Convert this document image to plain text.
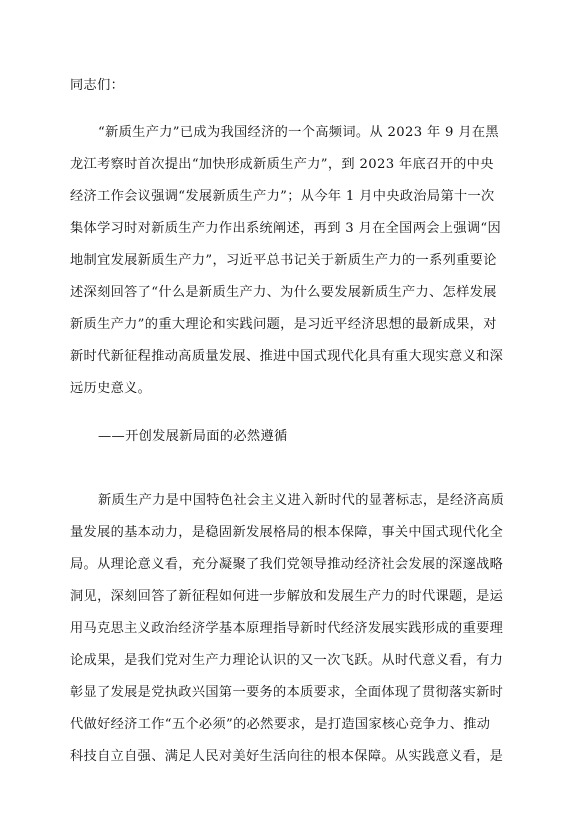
同志们：
“新质生产力”已成为我国经济的一个高频词。从 2023 年 9 月在黑
龙江考察时首次提出“加快形成新质生产力”，到 2023 年底召开的中央
经济工作会议强调“发展新质生产力”；从今年 1 月中央政治局第十一次
集体学习时对新质生产力作出系统阐述，再到 3 月在全国两会上强调“因
地制宜发展新质生产力”，习近平总书记关于新质生产力的一系列重要论
述深刻回答了“什么是新质生产力、为什么要发展新质生产力、怎样发展
新质生产力”的重大理论和实践问题，是习近平经济思想的最新成果，对
新时代新征程推动高质量发展、推进中国式现代化具有重大现实意义和深
远历史意义。
——开创发展新局面的必然遵循
新质生产力是中国特色社会主义进入新时代的显著标志，是经济高质
量发展的基本动力，是稳固新发展格局的根本保障，事关中国式现代化全
局。从理论意义看，充分凝聚了我们党领导推动经济社会发展的深邃战略
洞见，深刻回答了新征程如何进一步解放和发展生产力的时代课题，是运
用马克思主义政治经济学基本原理指导新时代经济发展实践形成的重要理
论成果，是我们党对生产力理论认识的又一次飞跃。从时代意义看，有力
彰显了发展是党执政兴国第一要务的本质要求，全面体现了贯彻落实新时
代做好经济工作“五个必须”的必然要求，是打造国家核心竞争力、推动
科技自立自强、满足人民对美好生活向往的根本保障。从实践意义看，是
